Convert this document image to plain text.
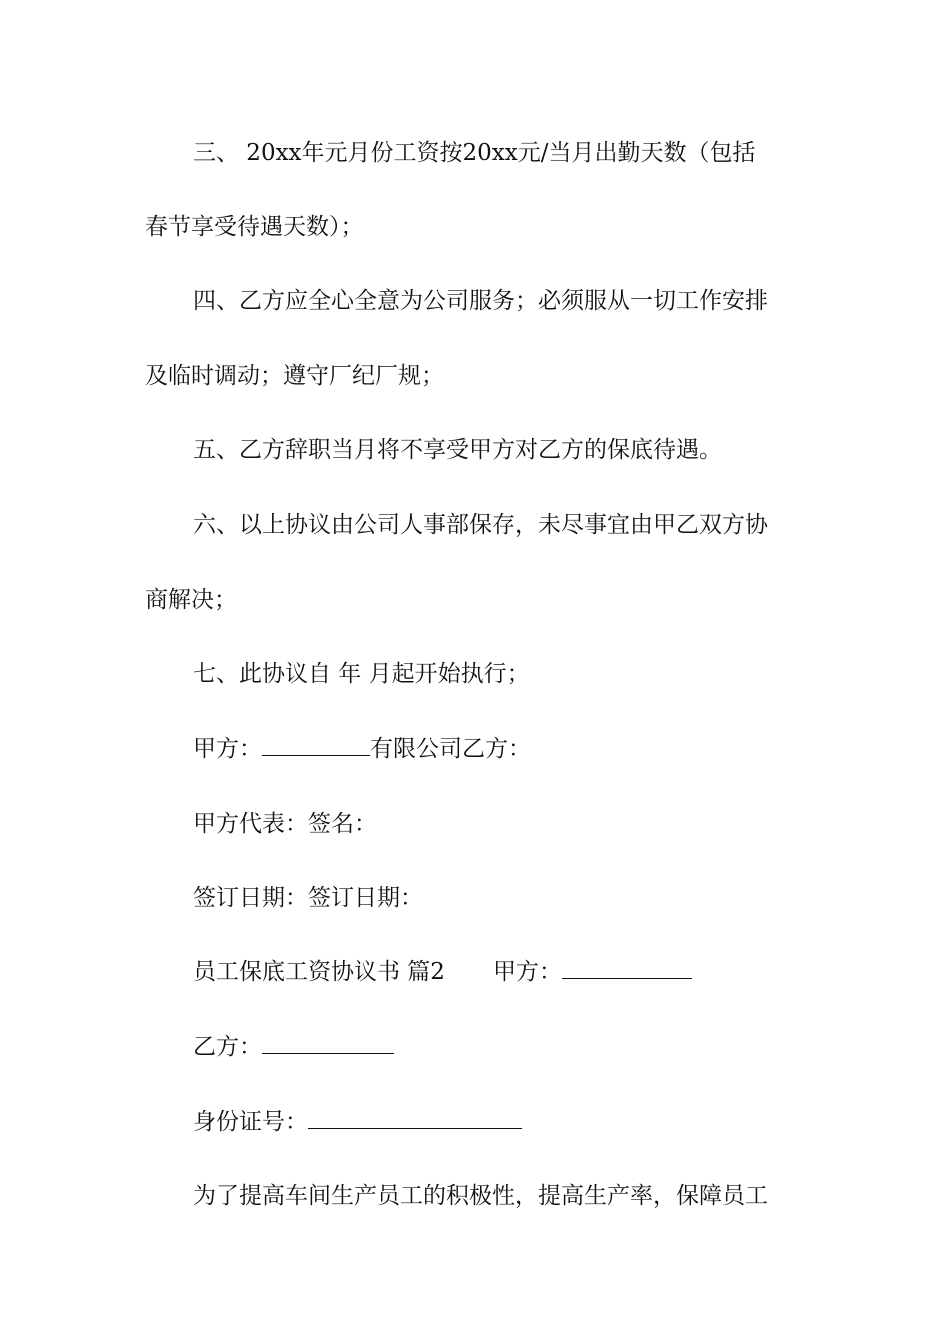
三、 20xx年元月份工资按20xx元/当月出勤天数（包括
春节享受待遇天数）；
四、乙方应全心全意为公司服务；必须服从一切工作安排
及临时调动；遵守厂纪厂规；
五、乙方辞职当月将不享受甲方对乙方的保底待遇。
六、以上协议由公司人事部保存，未尽事宜由甲乙双方协
商解决；
七、此协议自 年 月起开始执行；
甲方：	有限公司乙方：
甲方代表：签名：
签订日期：签订日期：
员工保底工资协议书 篇2 甲方：
乙方：
身份证号：
为了提高车间生产员工的积极性，提高生产率，保障员工
